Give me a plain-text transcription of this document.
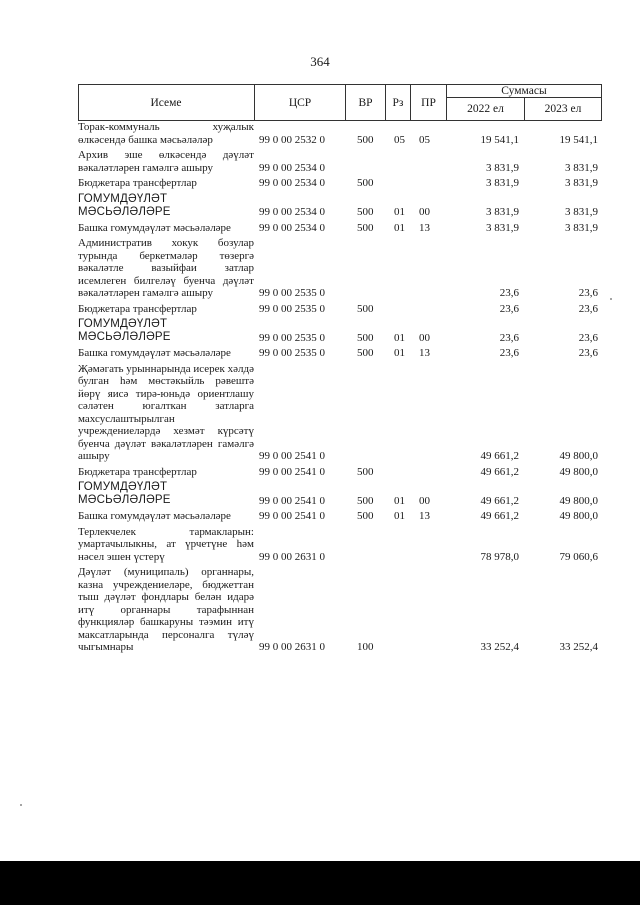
364
Исеме	ЦСР	ВР	Рз	ПР
Суммасы
2022 ел	2023 ел
Торак-коммуналь хуҗалык өлкәсендә башка мәсьәләләр	99 0 00 2532 0	500 05 05	19 541,1	19 541,1
Архив эше өлкәсендә дәүләт вәкаләтләрен гамәлгә ашыру	99 0 00 2534 0	3 831,9	3 831,9
Бюджетара трансфертлар	99 0 00 2534 0	500	3 831,9	3 831,9
ГОМУМДӘҮЛӘТ МӘСЬӘЛӘЛӘРЕ	99 0 00 2534 0	500 01 00	3 831,9	3 831,9
Башка гомумдәүләт мәсьәләләре	99 0 00 2534 0	500 01 13	3 831,9	3 831,9
Административ хокук бозулар турында беркетмәләр төзергә вәкаләтле вазыйфаи затлар исемлеген билгеләү буенча дәүләт вәкаләтләрен гамәлгә ашыру	99 0 00 2535 0	23,6	23,6
Бюджетара трансфертлар	99 0 00 2535 0	500	23,6	23,6
ГОМУМДӘҮЛӘТ МӘСЬӘЛӘЛӘРЕ	99 0 00 2535 0	500 01 00	23,6	23,6
Башка гомумдәүләт мәсьәләләре	99 0 00 2535 0	500 01 13	23,6	23,6
Җәмәгать урыннарында исерек хәлдә булган һәм мөстәкыйль рәвештә йөрү яисә тирә-юньдә ориентлашу сәләтен югалткан затларга махсуслаштырылган учреждениеләрдә хезмәт күрсәтү буенча дәүләт вәкаләтләрен гамәлгә ашыру	99 0 00 2541 0	49 661,2	49 800,0
Бюджетара трансфертлар	99 0 00 2541 0	500	49 661,2	49 800,0
ГОМУМДӘҮЛӘТ МӘСЬӘЛӘЛӘРЕ	99 0 00 2541 0	500 01 00	49 661,2	49 800,0
Башка гомумдәүләт мәсьәләләре	99 0 00 2541 0	500 01 13	49 661,2	49 800,0
Терлекчелек тармакларын: умартачылыкны, ат үрчетүне һәм нәсел эшен үстерү	99 0 00 2631 0	78 978,0	79 060,6
Дәүләт (муниципаль) органнары, казна учреждениеләре, бюджеттан тыш дәүләт фондлары белән идарә итү органнары тарафыннан функцияләр башкаруны тәэмин итү максатларында персоналга түләү чыгымнары	99 0 00 2631 0	100	33 252,4	33 252,4
